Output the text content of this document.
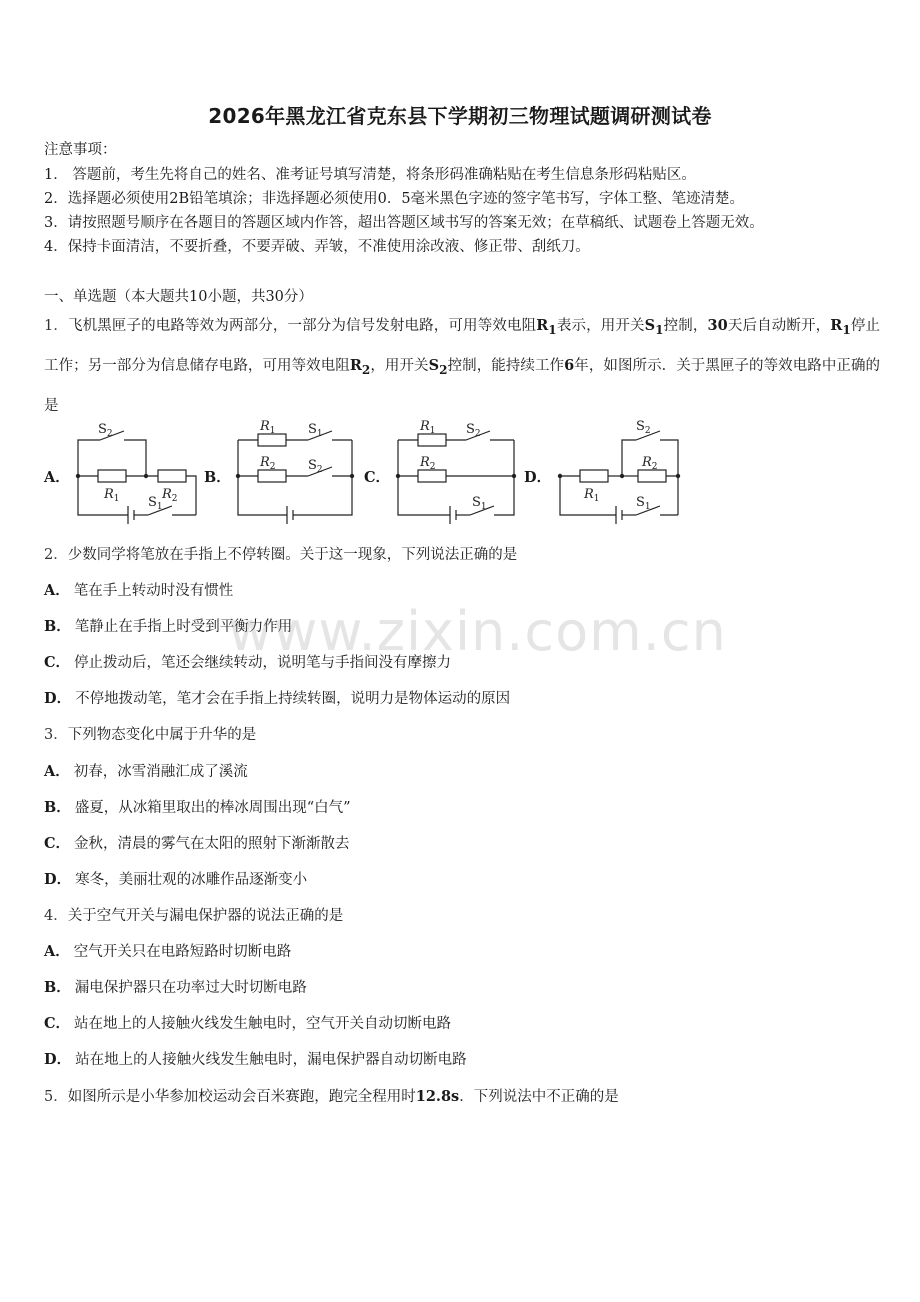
2026年黑龙江省克东县下学期初三物理试题调研测试卷
注意事项：
1． 答题前，考生先将自己的姓名、准考证号填写清楚，将条形码准确粘贴在考生信息条形码粘贴区。
2．选择题必须使用2B铅笔填涂；非选择题必须使用0．5毫米黑色字迹的签字笔书写，字体工整、笔迹清楚。
3．请按照题号顺序在各题目的答题区域内作答，超出答题区域书写的答案无效；在草稿纸、试题卷上答题无效。
4．保持卡面清洁，不要折叠，不要弄破、弄皱，不准使用涂改液、修正带、刮纸刀。
一、单选题（本大题共10小题，共30分）
1．飞机黑匣子的电路等效为两部分，一部分为信号发射电路，可用等效电阻$R_1$表示，用开关$S_1$控制，30天后自动断开，$R_1$停止工作；另一部分为信息储存电路，可用等效电阻$R_2$，用开关$S_2$控制，能持续工作6年，如图所示．关于黑匣子的等效电路中正确的是
A．	B．	C．	D．
$S_2$
$R_1$	$R_2$
$S_1$
$R_1$ $S_1$
$R_2$ $S_2$
$R_1$ $S_2$
$R_2$
$S_1$
$S_2$
$R_2$
$R_1$	$S_1$
2．少数同学将笔放在手指上不停转圈。关于这一现象，下列说法正确的是
A． 笔在手上转动时没有惯性
B． 笔静止在手指上时受到平衡力作用
C． 停止拨动后，笔还会继续转动，说明笔与手指间没有摩擦力
D． 不停地拨动笔，笔才会在手指上持续转圈，说明力是物体运动的原因
3．下列物态变化中属于升华的是
A． 初春，冰雪消融汇成了溪流
B． 盛夏，从冰箱里取出的棒冰周围出现“白气”
C． 金秋，清晨的雾气在太阳的照射下渐渐散去
D． 寒冬，美丽壮观的冰雕作品逐渐变小
4．关于空气开关与漏电保护器的说法正确的是
A． 空气开关只在电路短路时切断电路
B． 漏电保护器只在功率过大时切断电路
C． 站在地上的人接触火线发生触电时，空气开关自动切断电路
D． 站在地上的人接触火线发生触电时，漏电保护器自动切断电路
5．如图所示是小华参加校运动会百米赛跑，跑完全程用时12.8s．下列说法中不正确的是
www.zixin.com.cn
